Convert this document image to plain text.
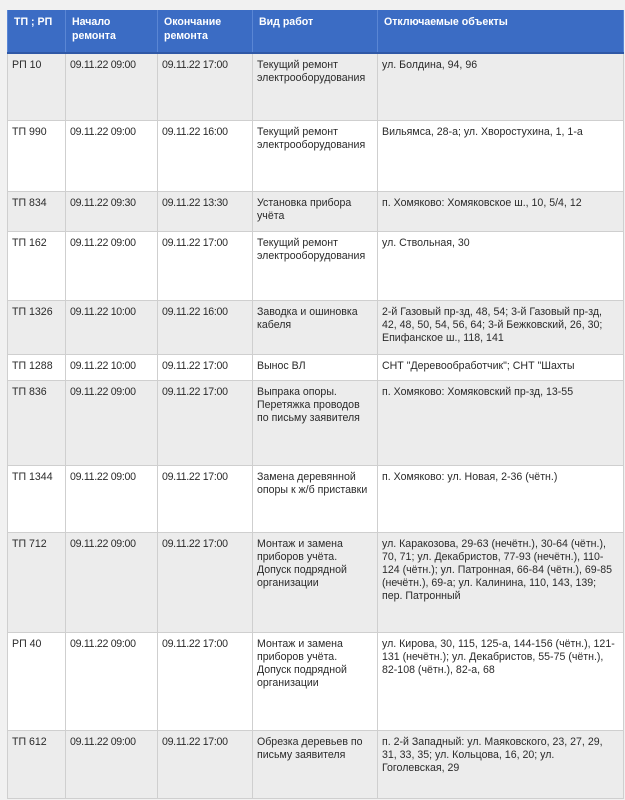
ТП ; РП	Начало ремонта	Окончание ремонта	Вид работ	Отключаемые объекты
РП 10	09.11.22 09:00	09.11.22 17:00	Текущий ремонт электрооборудования	ул. Болдина, 94, 96
ТП 990	09.11.22 09:00	09.11.22 16:00	Текущий ремонт электрооборудования	Вильямса, 28-а; ул. Хворостухина, 1, 1-а
ТП 834	09.11.22 09:30	09.11.22 13:30	Установка прибора учёта	п. Хомяково: Хомяковское ш., 10, 5/4, 12
ТП 162	09.11.22 09:00	09.11.22 17:00	Текущий ремонт электрооборудования	ул. Ствольная, 30
ТП 1326	09.11.22 10:00	09.11.22 16:00	Заводка и ошиновка кабеля	2-й Газовый пр-зд, 48, 54; 3-й Газовый пр-зд, 42, 48, 50, 54, 56, 64; 3-й Бежковский, 26, 30; Епифанское ш., 118, 141
ТП 1288	09.11.22 10:00	09.11.22 17:00	Вынос ВЛ	СНТ "Деревообработчик"; СНТ "Шахты
ТП 836	09.11.22 09:00	09.11.22 17:00	Выпрака опоры. Перетяжка проводов по письму заявителя	п. Хомяково: Хомяковский пр-зд, 13-55
ТП 1344	09.11.22 09:00	09.11.22 17:00	Замена деревянной опоры к ж/б приставки	п. Хомяково: ул. Новая, 2-36 (чётн.)
ТП 712	09.11.22 09:00	09.11.22 17:00	Монтаж и замена приборов учёта. Допуск подрядной организации	ул. Каракозова, 29-63 (нечётн.), 30-64 (чётн.), 70, 71; ул. Декабристов, 77-93 (нечётн.), 110-124 (чётн.); ул. Патронная, 66-84 (чётн.), 69-85 (нечётн.), 69-а; ул. Калинина, 110, 143, 139; пер. Патронный
РП 40	09.11.22 09:00	09.11.22 17:00	Монтаж и замена приборов учёта. Допуск подрядной организации	ул. Кирова, 30, 115, 125-а, 144-156 (чётн.), 121-131 (нечётн.); ул. Декабристов, 55-75 (чётн.), 82-108 (чётн.), 82-а, 68
ТП 612	09.11.22 09:00	09.11.22 17:00	Обрезка деревьев по письму заявителя	п. 2-й Западный: ул. Маяковского, 23, 27, 29, 31, 33, 35; ул. Кольцова, 16, 20; ул. Гоголевская, 29
